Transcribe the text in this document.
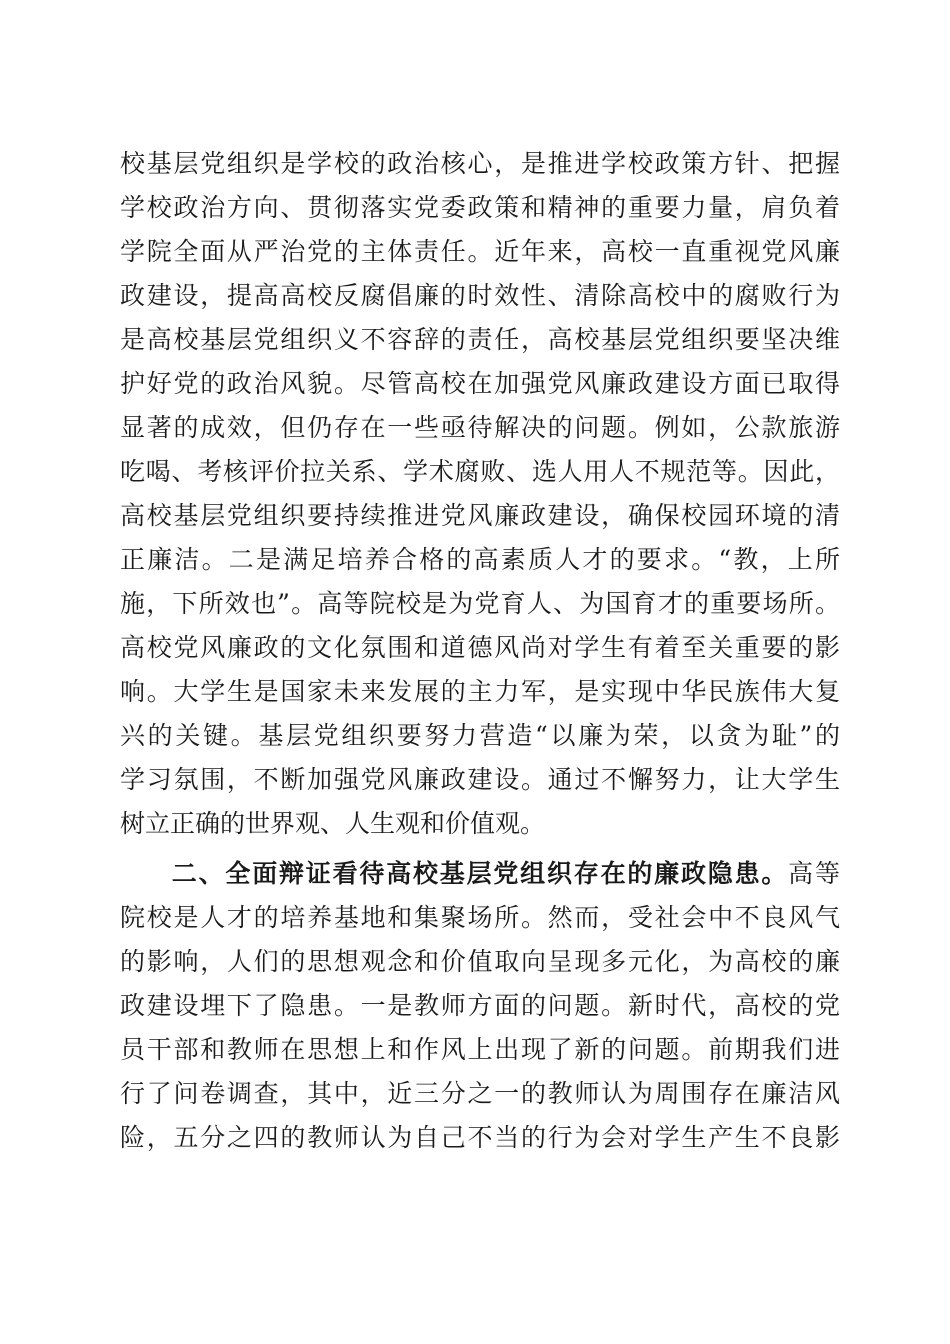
校基层党组织是学校的政治核心，是推进学校政策方针、把握
学校政治方向、贯彻落实党委政策和精神的重要力量，肩负着
学院全面从严治党的主体责任。近年来，高校一直重视党风廉
政建设，提高高校反腐倡廉的时效性、清除高校中的腐败行为
是高校基层党组织义不容辞的责任，高校基层党组织要坚决维
护好党的政治风貌。尽管高校在加强党风廉政建设方面已取得
显著的成效，但仍存在一些亟待解决的问题。例如，公款旅游
吃喝、考核评价拉关系、学术腐败、选人用人不规范等。因此，
高校基层党组织要持续推进党风廉政建设，确保校园环境的清
正廉洁。二是满足培养合格的高素质人才的要求。“教，上所
施，下所效也”。高等院校是为党育人、为国育才的重要场所。
高校党风廉政的文化氛围和道德风尚对学生有着至关重要的影
响。大学生是国家未来发展的主力军，是实现中华民族伟大复
兴的关键。基层党组织要努力营造“以廉为荣，以贪为耻”的
学习氛围，不断加强党风廉政建设。通过不懈努力，让大学生
树立正确的世界观、人生观和价值观。
二、全面辩证看待高校基层党组织存在的廉政隐患。高等
院校是人才的培养基地和集聚场所。然而，受社会中不良风气
的影响，人们的思想观念和价值取向呈现多元化，为高校的廉
政建设埋下了隐患。一是教师方面的问题。新时代，高校的党
员干部和教师在思想上和作风上出现了新的问题。前期我们进
行了问卷调查，其中，近三分之一的教师认为周围存在廉洁风
险，五分之四的教师认为自己不当的行为会对学生产生不良影
